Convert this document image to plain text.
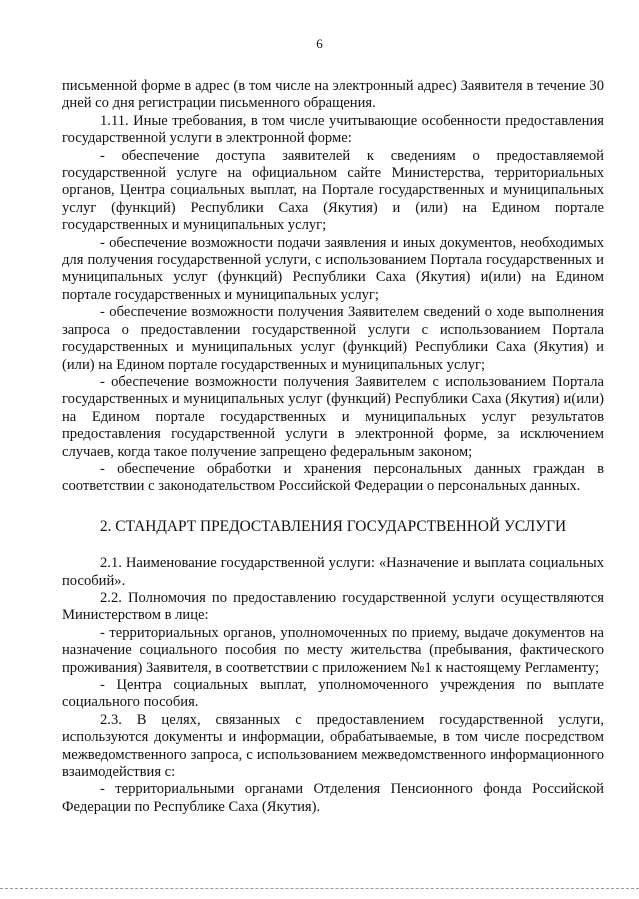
6

письменной форме в адрес (в том числе на электронный адрес) Заявителя в течение 30 дней со дня регистрации письменного обращения.

1.11. Иные требования, в том числе учитывающие особенности предоставления государственной услуги в электронной форме:

- обеспечение доступа заявителей к сведениям о предоставляемой государственной услуге на официальном сайте Министерства, территориальных органов, Центра социальных выплат, на Портале государственных и муниципальных услуг (функций) Республики Саха (Якутия) и (или) на Едином портале государственных и муниципальных услуг;

- обеспечение возможности подачи заявления и иных документов, необходимых для получения государственной услуги, с использованием Портала государственных и муниципальных услуг (функций) Республики Саха (Якутия) и(или) на Едином портале государственных и муниципальных услуг;

- обеспечение возможности получения Заявителем сведений о ходе выполнения запроса о предоставлении государственной услуги с использованием Портала государственных и муниципальных услуг (функций) Республики Саха (Якутия) и (или) на Едином портале государственных и муниципальных услуг;

- обеспечение возможности получения Заявителем с использованием Портала государственных и муниципальных услуг (функций) Республики Саха (Якутия) и(или) на Едином портале государственных и муниципальных услуг результатов предоставления государственной услуги в электронной форме, за исключением случаев, когда такое получение запрещено федеральным законом;

- обеспечение обработки и хранения персональных данных граждан в соответствии с законодательством Российской Федерации о персональных данных.

2. СТАНДАРТ ПРЕДОСТАВЛЕНИЯ ГОСУДАРСТВЕННОЙ УСЛУГИ

2.1. Наименование государственной услуги: «Назначение и выплата социальных пособий».

2.2. Полномочия по предоставлению государственной услуги осуществляются Министерством в лице:

- территориальных органов, уполномоченных по приему, выдаче документов на назначение социального пособия по месту жительства (пребывания, фактического проживания) Заявителя, в соответствии с приложением №1 к настоящему Регламенту;

- Центра социальных выплат, уполномоченного учреждения по выплате социального пособия.

2.3. В целях, связанных с предоставлением государственной услуги, используются документы и информации, обрабатываемые, в том числе посредством межведомственного запроса, с использованием межведомственного информационного взаимодействия с:

- территориальными органами Отделения Пенсионного фонда Российской Федерации по Республике Саха (Якутия).
